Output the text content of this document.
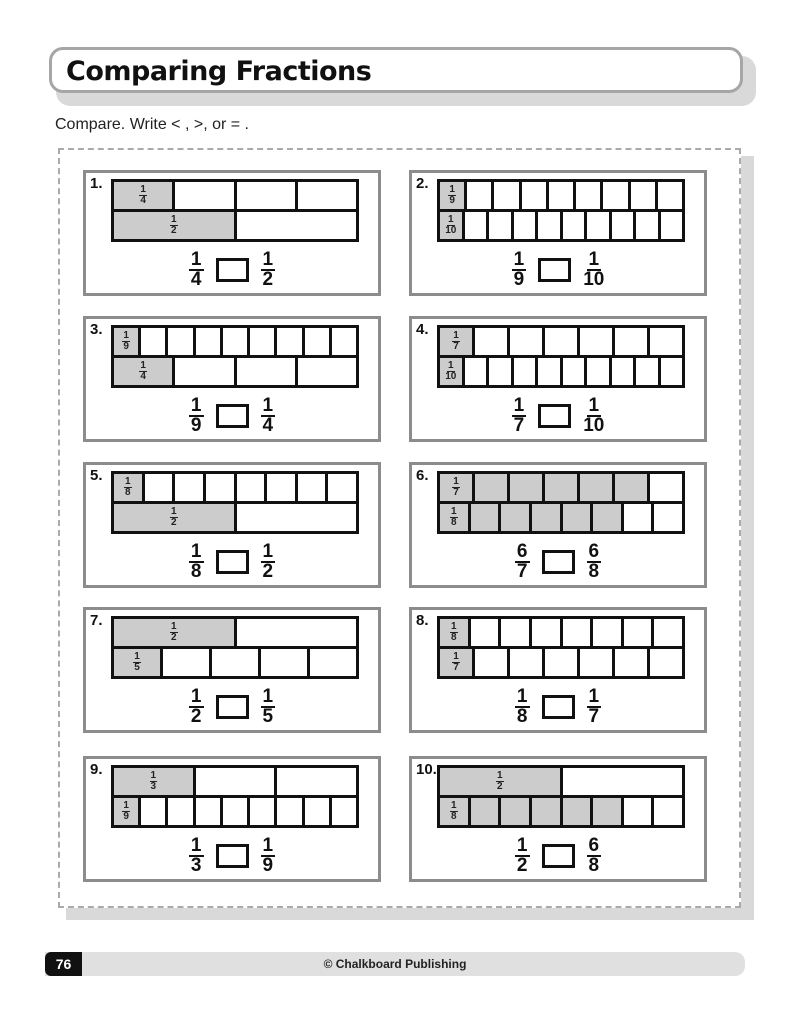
Comparing Fractions
Compare. Write < , >, or = .
1.
$\frac{1}{4}$
$\frac{1}{2}$
$\frac{1}{4}$	$\frac{1}{2}$
2.
$\frac{1}{9}$
$\frac{1}{10}$
$\frac{1}{9}$	$\frac{1}{10}$
3.
$\frac{1}{9}$
$\frac{1}{4}$
$\frac{1}{9}$	$\frac{1}{4}$
4.
$\frac{1}{7}$
$\frac{1}{10}$
$\frac{1}{7}$	$\frac{1}{10}$
5.
$\frac{1}{8}$
$\frac{1}{2}$
$\frac{1}{8}$	$\frac{1}{2}$
6.
$\frac{1}{7}$
$\frac{1}{8}$
$\frac{6}{7}$	$\frac{6}{8}$
7.
$\frac{1}{2}$
$\frac{1}{5}$
$\frac{1}{2}$	$\frac{1}{5}$
8.
$\frac{1}{8}$
$\frac{1}{7}$
$\frac{1}{8}$	$\frac{1}{7}$
9.
$\frac{1}{3}$
$\frac{1}{9}$
$\frac{1}{3}$	$\frac{1}{9}$
10.
$\frac{1}{2}$
$\frac{1}{8}$
$\frac{1}{2}$	$\frac{6}{8}$
76	© Chalkboard Publishing
